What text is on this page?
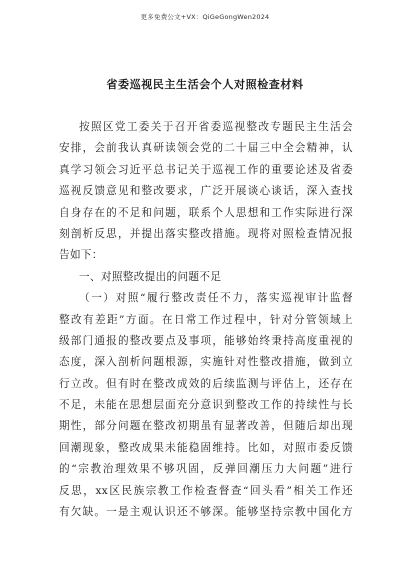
更多免费公文+VX：QiGeGongWen2024
省委巡视民主生活会个人对照检查材料
按照区党工委关于召开省委巡视整改专题民主生活会
安排，会前我认真研读领会党的二十届三中全会精神，认
真学习领会习近平总书记关于巡视工作的重要论述及省委
巡视反馈意见和整改要求，广泛开展谈心谈话，深入查找
自身存在的不足和问题，联系个人思想和工作实际进行深
刻剖析反思，并提出落实整改措施。现将对照检查情况报
告如下：
一、对照整改提出的问题不足
（一）对照“履行整改责任不力，落实巡视审计监督
整改有差距”方面。在日常工作过程中，针对分管领域上
级部门通报的整改要点及事项，能够始终秉持高度重视的
态度，深入剖析问题根源，实施针对性整改措施，做到立
行立改。但有时在整改成效的后续监测与评估上，还存在
不足，未能在思想层面充分意识到整改工作的持续性与长
期性，部分问题在整改初期虽有显著改善，但随后却出现
回潮现象，整改成果未能稳固维持。比如，对照市委反馈
的“宗教治理效果不够巩固，反弹回潮压力大问题”进行
反思，xx区民族宗教工作检查督查“回头看”相关工作还
有欠缺。一是主观认识还不够深。能够坚持宗教中国化方
